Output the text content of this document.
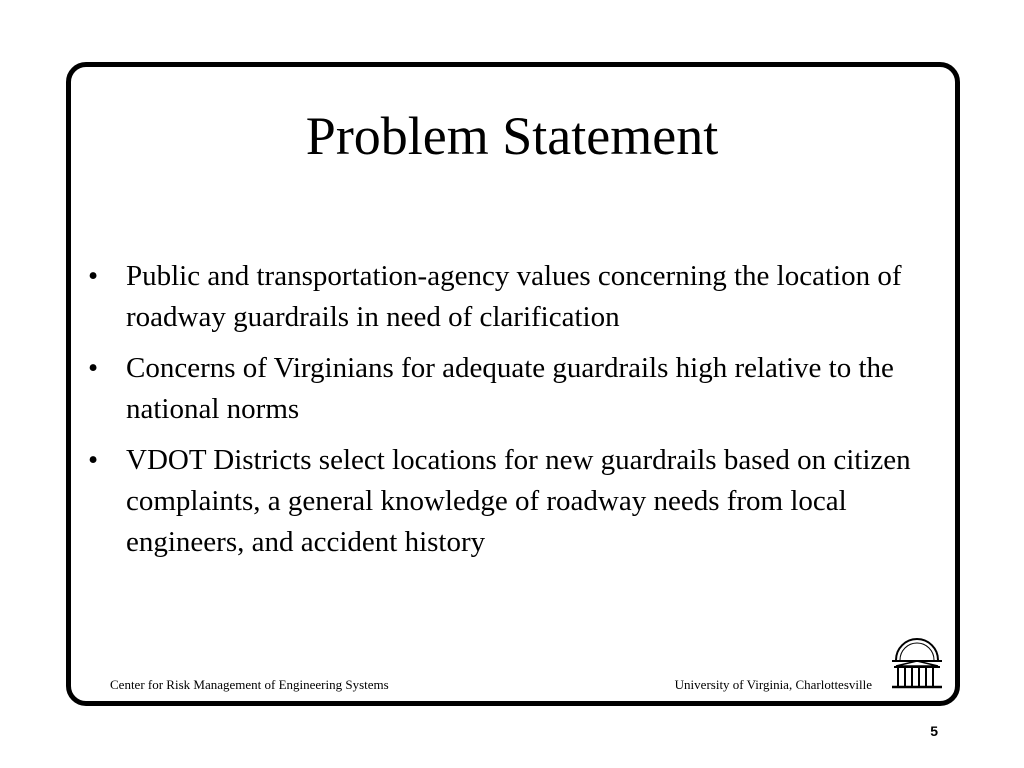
Problem Statement
• Public and transportation-agency values concerning the location of roadway guardrails in need of clarification
• Concerns of Virginians for adequate guardrails high relative to the national norms
• VDOT Districts select locations for new guardrails based on citizen complaints, a general knowledge of roadway needs from local engineers, and accident history
Center for Risk Management of Engineering Systems	University of Virginia, Charlottesville
5
